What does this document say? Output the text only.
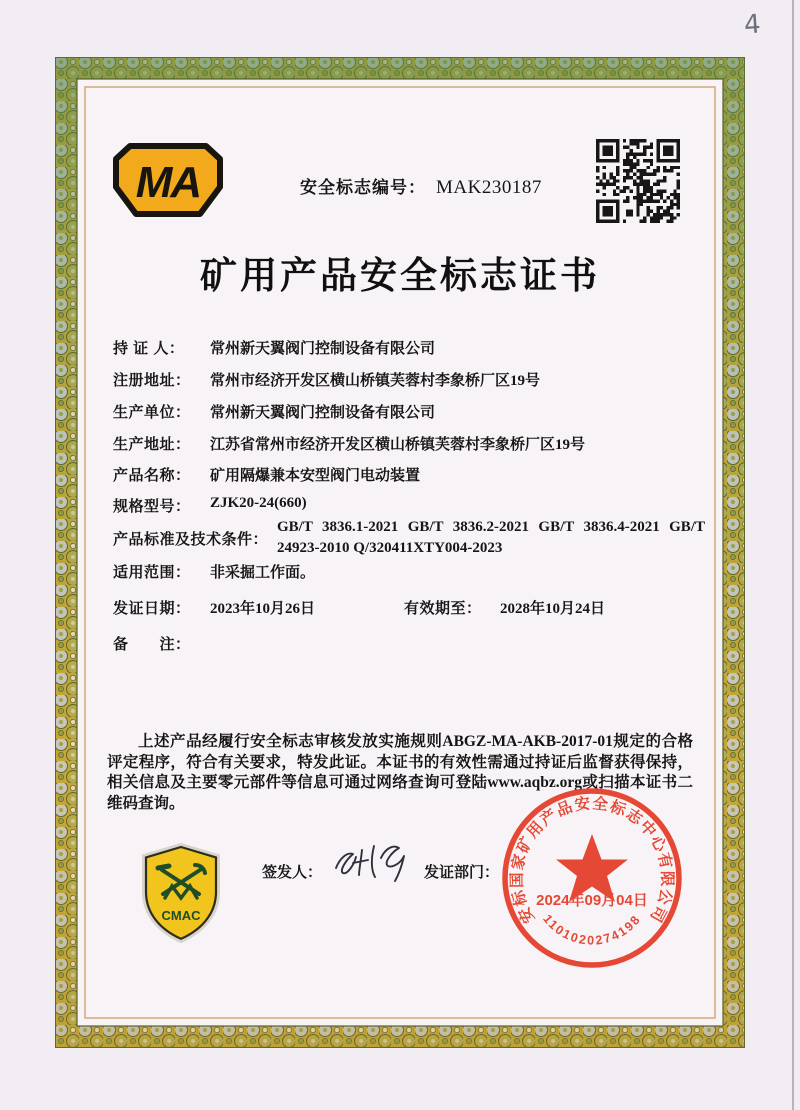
4
MA	安全标志编号： MAK230187
矿用产品安全标志证书
持 证 人： 常州新天翼阀门控制设备有限公司
注册地址： 常州市经济开发区横山桥镇芙蓉村李象桥厂区19号
生产单位： 常州新天翼阀门控制设备有限公司
生产地址： 江苏省常州市经济开发区横山桥镇芙蓉村李象桥厂区19号
产品名称： 矿用隔爆兼本安型阀门电动装置
规格型号： ZJK20-24(660)
产品标准及技术条件：
GB/T 3836.1-2021 GB/T 3836.2-2021 GB/T 3836.4-2021 GB/T 24923-2010 Q/320411XTY004-2023
适用范围： 非采掘工作面。
发证日期： 2023年10月26日	有效期至： 2028年10月24日
备　　注：
上述产品经履行安全标志审核发放实施规则ABGZ-MA-AKB-2017-01规定的合格评定程序，符合有关要求，特发此证。本证书的有效性需通过持证后监督获得保持，相关信息及主要零元部件等信息可通过网络查询可登陆www.aqbz.org或扫描本证书二维码查询。
CMAC
签发人：	发证部门：
安标国家矿用产品安全标志中心有限公司
2024年09月04日
1101020274198
